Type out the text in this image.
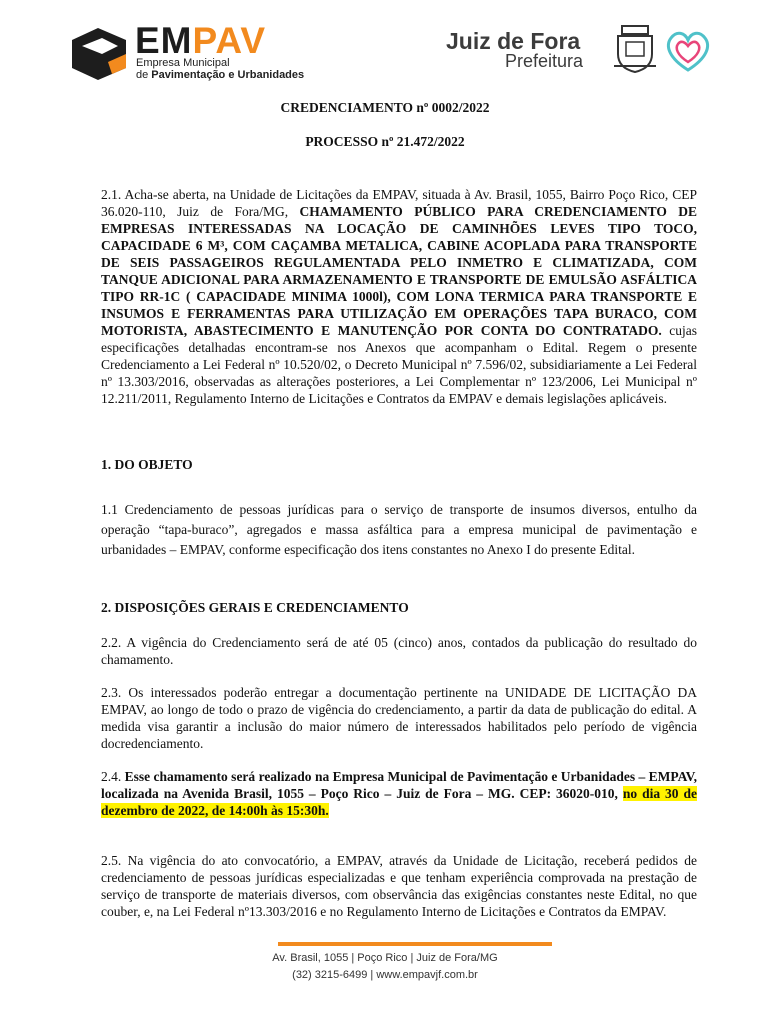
EMPAV
Empresa Municipal
de Pavimentação e Urbanidades
Juiz de Fora
Prefeitura
CREDENCIAMENTO nº 0002/2022
PROCESSO nº 21.472/2022

2.1. Acha-se aberta, na Unidade de Licitações da EMPAV, situada à Av. Brasil, 1055, Bairro Poço Rico, CEP 36.020-110, Juiz de Fora/MG, CHAMAMENTO PÚBLICO PARA CREDENCIAMENTO DE EMPRESAS INTERESSADAS NA LOCAÇÃO DE CAMINHÕES LEVES TIPO TOCO, CAPACIDADE 6 M³, COM CAÇAMBA METALICA, CABINE ACOPLADA PARA TRANSPORTE DE SEIS PASSAGEIROS REGULAMENTADA PELO INMETRO E CLIMATIZADA, COM TANQUE ADICIONAL PARA ARMAZENAMENTO E TRANSPORTE DE EMULSÃO ASFÁLTICA TIPO RR-1C ( CAPACIDADE MINIMA 1000l), COM LONA TERMICA PARA TRANSPORTE E INSUMOS E FERRAMENTAS PARA UTILIZAÇÃO EM OPERAÇÕES TAPA BURACO, COM MOTORISTA, ABASTECIMENTO E MANUTENÇÃO POR CONTA DO CONTRATADO. cujas especificações detalhadas encontram-se nos Anexos que acompanham o Edital. Regem o presente Credenciamento a Lei Federal nº 10.520/02, o Decreto Municipal nº 7.596/02, subsidiariamente a Lei Federal nº 13.303/2016, observadas as alterações posteriores, a Lei Complementar nº 123/2006, Lei Municipal nº 12.211/2011, Regulamento Interno de Licitações e Contratos da EMPAV e demais legislações aplicáveis.

1. DO OBJETO

1.1 Credenciamento de pessoas jurídicas para o serviço de transporte de insumos diversos, entulho da operação “tapa-buraco”, agregados e massa asfáltica para a empresa municipal de pavimentação e urbanidades – EMPAV, conforme especificação dos itens constantes no Anexo I do presente Edital.

2. DISPOSIÇÕES GERAIS E CREDENCIAMENTO

2.2. A vigência do Credenciamento será de até 05 (cinco) anos, contados da publicação do resultado do chamamento.

2.3. Os interessados poderão entregar a documentação pertinente na UNIDADE DE LICITAÇÃO DA EMPAV, ao longo de todo o prazo de vigência do credenciamento, a partir da data de publicação do edital. A medida visa garantir a inclusão do maior número de interessados habilitados pelo período de vigência docredenciamento.

2.4. Esse chamamento será realizado na Empresa Municipal de Pavimentação e Urbanidades – EMPAV, localizada na Avenida Brasil, 1055 – Poço Rico – Juiz de Fora – MG. CEP: 36020-010, no dia 30 de dezembro de 2022, de 14:00h às 15:30h.

2.5. Na vigência do ato convocatório, a EMPAV, através da Unidade de Licitação, receberá pedidos de credenciamento de pessoas jurídicas especializadas e que tenham experiência comprovada na prestação de serviço de transporte de materiais diversos, com observância das exigências constantes neste Edital, no que couber, e, na Lei Federal nº13.303/2016 e no Regulamento Interno de Licitações e Contratos da EMPAV.

Av. Brasil, 1055 | Poço Rico | Juiz de Fora/MG
(32) 3215-6499 | www.empavjf.com.br
